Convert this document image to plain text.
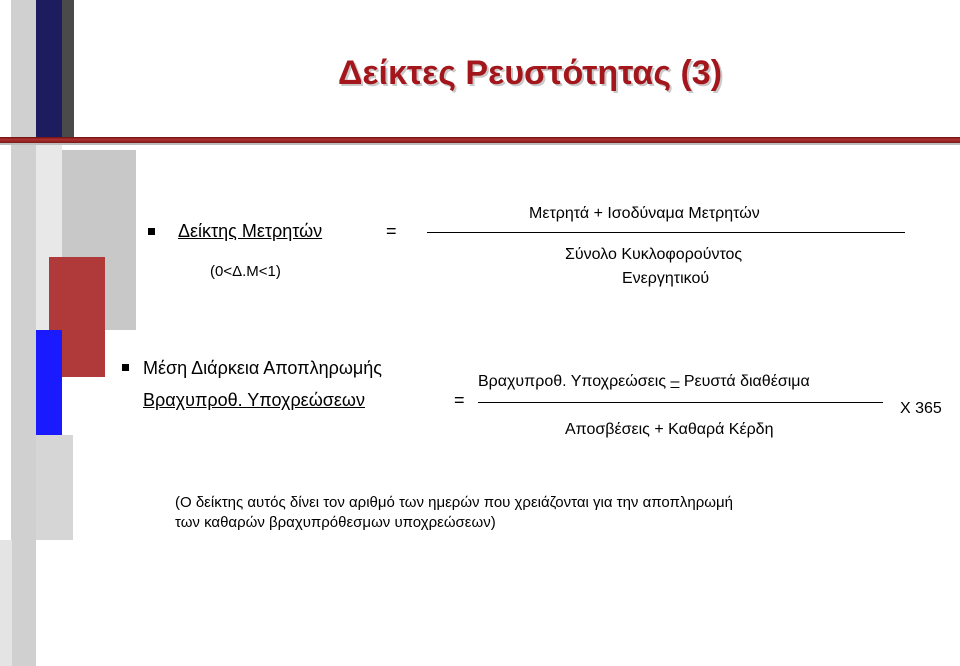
Δείκτες Ρευστότητας (3)
Δείκτης Μετρητών	=
(0<Δ.Μ<1)
Μετρητά + Ισοδύναμα Μετρητών
Σύνολο Κυκλοφορούντος
Ενεργητικού
Μέση Διάρκεια Αποπληρωμής
Βραχυπροθ. Υποχρεώσεων	=
Βραχυπροθ. Υποχρεώσεις – Ρευστά διαθέσιμα
Χ 365
Αποσβέσεις + Καθαρά Κέρδη
(Ο δείκτης αυτός δίνει τον αριθμό των ημερών που χρειάζονται για την αποπληρωμή
των καθαρών βραχυπρόθεσμων υποχρεώσεων)
